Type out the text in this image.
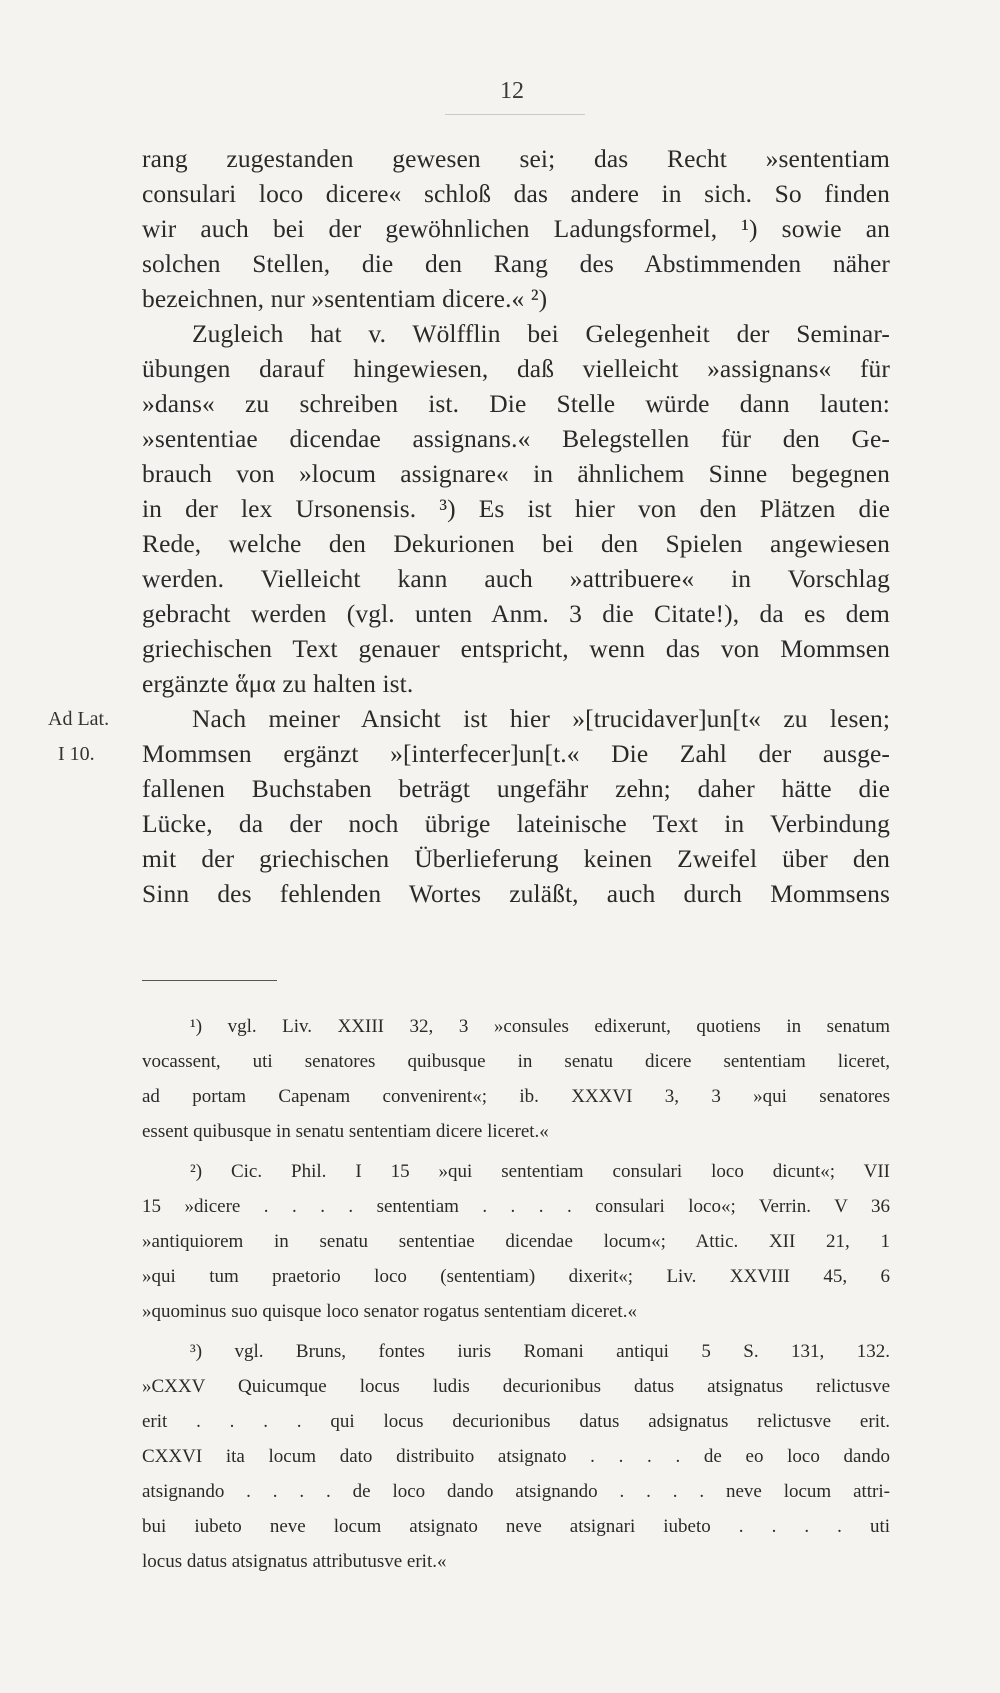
12
rang zugestanden gewesen sei; das Recht »sententiam
consulari loco dicere« schloß das andere in sich. So finden
wir auch bei der gewöhnlichen Ladungsformel, ¹) sowie an
solchen Stellen, die den Rang des Abstimmenden näher
bezeichnen, nur »sententiam dicere.« ²)
Zugleich hat v. Wölfflin bei Gelegenheit der Seminar-
übungen darauf hingewiesen, daß vielleicht »assignans« für
»dans« zu schreiben ist. Die Stelle würde dann lauten:
»sententiae dicendae assignans.« Belegstellen für den Ge-
brauch von »locum assignare« in ähnlichem Sinne begegnen
in der lex Ursonensis. ³) Es ist hier von den Plätzen die
Rede, welche den Dekurionen bei den Spielen angewiesen
werden. Vielleicht kann auch »attribuere« in Vorschlag
gebracht werden (vgl. unten Anm. 3 die Citate!), da es dem
griechischen Text genauer entspricht, wenn das von Mommsen
ergänzte ἅμα zu halten ist.
Ad Lat.
I 10.
Nach meiner Ansicht ist hier »[trucidaver]un[t« zu lesen;
Mommsen ergänzt »[interfecer]un[t.« Die Zahl der ausge-
fallenen Buchstaben beträgt ungefähr zehn; daher hätte die
Lücke, da der noch übrige lateinische Text in Verbindung
mit der griechischen Überlieferung keinen Zweifel über den
Sinn des fehlenden Wortes zuläßt, auch durch Mommsens
¹) vgl. Liv. XXIII 32, 3 »consules edixerunt, quotiens in senatum
vocassent, uti senatores quibusque in senatu dicere sententiam liceret,
ad portam Capenam convenirent«; ib. XXXVI 3, 3 »qui senatores
essent quibusque in senatu sententiam dicere liceret.«
²) Cic. Phil. I 15 »qui sententiam consulari loco dicunt«; VII
15 »dicere . . . . sententiam . . . . consulari loco«; Verrin. V 36
»antiquiorem in senatu sententiae dicendae locum«; Attic. XII 21, 1
»qui tum praetorio loco (sententiam) dixerit«; Liv. XXVIII 45, 6
»quominus suo quisque loco senator rogatus sententiam diceret.«
³) vgl. Bruns, fontes iuris Romani antiqui 5 S. 131, 132.
»CXXV Quicumque locus ludis decurionibus datus atsignatus relictusve
erit . . . . qui locus decurionibus datus adsignatus relictusve erit.
CXXVI ita locum dato distribuito atsignato . . . . de eo loco dando
atsignando . . . . de loco dando atsignando . . . . neve locum attri-
bui iubeto neve locum atsignato neve atsignari iubeto . . . . uti
locus datus atsignatus attributusve erit.«
